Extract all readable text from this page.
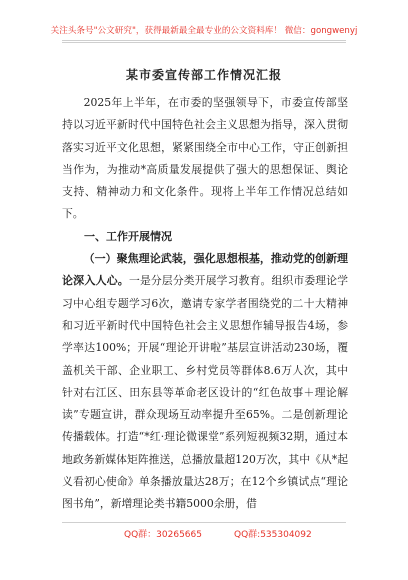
关注头条号"公文研究"，获得最新最全最专业的公文资料库！ 微信：gongwenyj
某市委宣传部工作情况汇报

2025年上半年，在市委的坚强领导下，市委宣传部坚持以习近平新时代中国特色社会主义思想为指导，深入贯彻落实习近平文化思想，紧紧围绕全市中心工作，守正创新担当作为，为推动*高质量发展提供了强大的思想保证、舆论支持、精神动力和文化条件。现将上半年工作情况总结如下。

一、工作开展情况

（一）聚焦理论武装，强化思想根基，推动党的创新理论深入人心。一是分层分类开展学习教育。组织市委理论学习中心组专题学习6次，邀请专家学者围绕党的二十大精神和习近平新时代中国特色社会主义思想作辅导报告4场，参学率达100%；开展“理论开讲啦”基层宣讲活动230场，覆盖机关干部、企业职工、乡村党员等群体8.6万人次，其中针对右江区、田东县等革命老区设计的“红色故事＋理论解读”专题宣讲，群众现场互动率提升至65%。二是创新理论传播载体。打造“*红·理论微课堂”系列短视频32期，通过本地政务新媒体矩阵推送，总播放量超120万次，其中《从*起义看初心使命》单条播放量达28万；在12个乡镇试点“理论图书角”，新增理论类书籍5000余册，借

QQ群：30265665	QQ群:535304092
